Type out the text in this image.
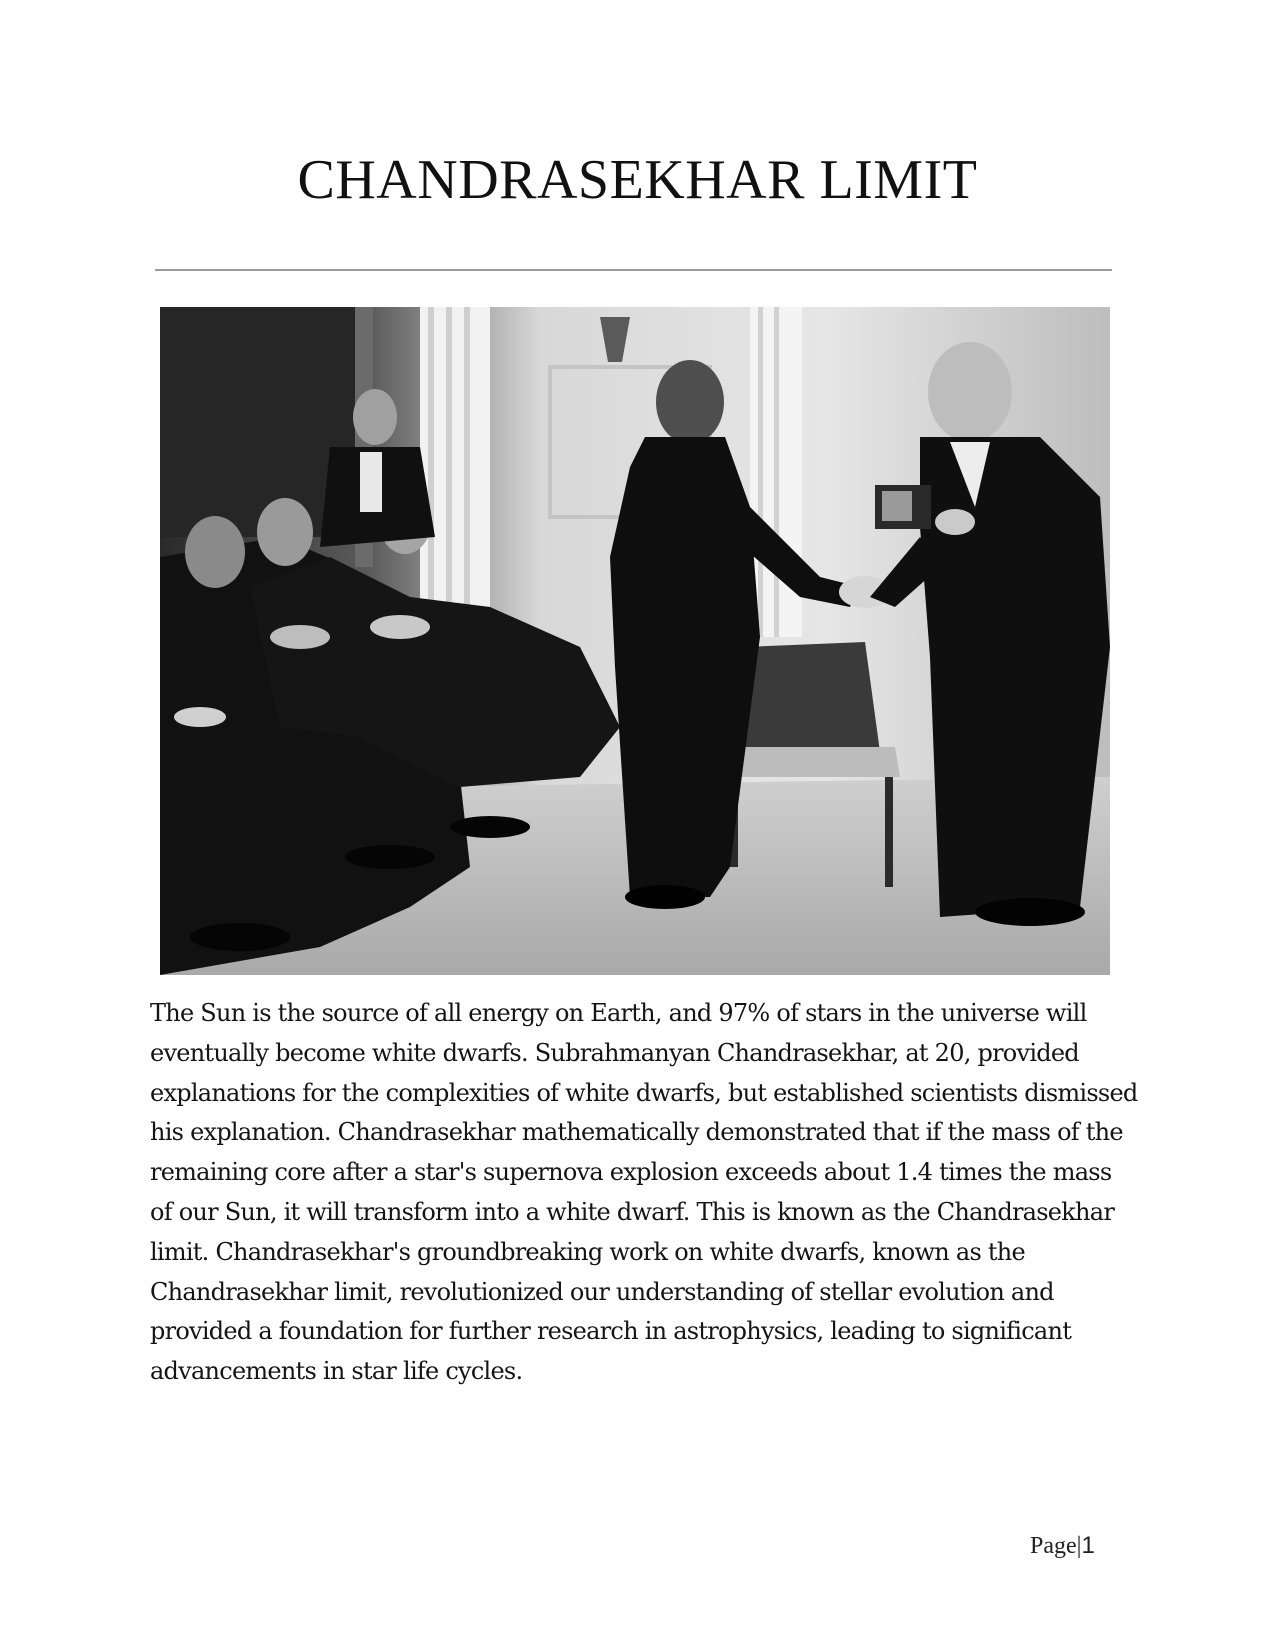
CHANDRASEKHAR LIMIT

The Sun is the source of all energy on Earth, and 97% of stars in the universe will eventually become white dwarfs. Subrahmanyan Chandrasekhar, at 20, provided explanations for the complexities of white dwarfs, but established scientists dismissed his explanation. Chandrasekhar mathematically demonstrated that if the mass of the remaining core after a star's supernova explosion exceeds about 1.4 times the mass of our Sun, it will transform into a white dwarf. This is known as the Chandrasekhar limit. Chandrasekhar's groundbreaking work on white dwarfs, known as the Chandrasekhar limit, revolutionized our understanding of stellar evolution and provided a foundation for further research in astrophysics, leading to significant advancements in star life cycles.

Page|1
